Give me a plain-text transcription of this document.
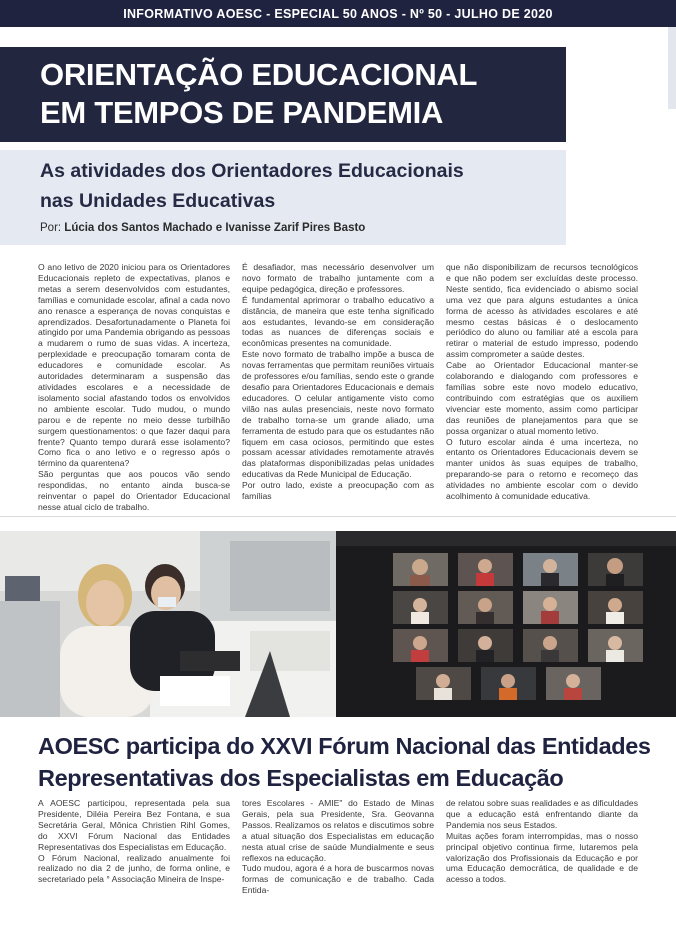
INFORMATIVO AOESC - ESPECIAL 50 ANOS - Nº 50 - JULHO DE 2020
ORIENTAÇÃO EDUCACIONAL
EM TEMPOS DE PANDEMIA
As atividades dos Orientadores Educacionais
nas Unidades Educativas
Por: Lúcia dos Santos Machado e Ivanisse Zarif Pires Basto

O ano letivo de 2020 iniciou para os Orientadores Educacionais repleto de expectativas, planos e metas a serem desenvolvidos com estudantes, famílias e comunidade escolar, afinal a cada novo ano renasce a esperança de novas conquistas e aprendizados. Desafortunadamente o Planeta foi atingido por uma Pandemia obrigando as pessoas a mudarem o rumo de suas vidas. A incerteza, perplexidade e preocupação tomaram conta de educadores e comunidade escolar. As autoridades determinaram a suspensão das atividades escolares e a necessidade de isolamento social afastando todos os envolvidos no ambiente escolar. Tudo mudou, o mundo parou e de repente no meio desse turbilhão surgem questionamentos: o que fazer daqui para frente? Quanto tempo durará esse isolamento? Como fica o ano letivo e o regresso após o término da quarentena?

São perguntas que aos poucos vão sendo respondidas, no entanto ainda busca-se reinventar o papel do Orientador Educacional nesse atual ciclo de trabalho.

É desafiador, mas necessário desenvolver um novo formato de trabalho juntamente com a equipe pedagógica, direção e professores.

É fundamental aprimorar o trabalho educativo a distância, de maneira que este tenha significado aos estudantes, levando-se em consideração todas as nuances de diferenças sociais e econômicas presentes na comunidade.

Este novo formato de trabalho impõe a busca de novas ferramentas que permitam reuniões virtuais de professores e/ou famílias, sendo este o grande desafio para Orientadores Educacionais e demais educadores. O celular antigamente visto como vilão nas aulas presenciais, neste novo formato de trabalho torna-se um grande aliado, uma ferramenta de estudo para que os estudantes não fiquem em casa ociosos, permitindo que estes possam acessar atividades remotamente através das plataformas disponibilizadas pelas unidades educativas da Rede Municipal de Educação.

Por outro lado, existe a preocupação com as famílias

que não disponibilizam de recursos tecnológicos e que não podem ser excluídas deste processo. Neste sentido, fica evidenciado o abismo social uma vez que para alguns estudantes a única forma de acesso às atividades escolares e até mesmo cestas básicas é o deslocamento periódico do aluno ou familiar até a escola para retirar o material de estudo impresso, podendo assim comprometer a saúde destes.

Cabe ao Orientador Educacional manter-se colaborando e dialogando com professores e famílias sobre este novo modelo educativo, contribuindo com estratégias que os auxiliem vivenciar este momento, assim como participar das reuniões de planejamentos para que se possa organizar o atual momento letivo.

O futuro escolar ainda é uma incerteza, no entanto os Orientadores Educacionais devem se manter unidos às suas equipes de trabalho, preparando-se para o retorno e recomeço das atividades no ambiente escolar com o devido acolhimento à comunidade educativa.

AOESC participa do XXVI Fórum Nacional das Entidades
Representativas dos Especialistas em Educação

A AOESC participou, representada pela sua Presidente, Diléia Pereira Bez Fontana, e sua Secretária Geral, Mônica Christien Rihl Gomes, do XXVI Fórum Nacional das Entidades Representativas dos Especialistas em Educação.

O Fórum Nacional, realizado anualmente foi realizado no dia 2 de junho, de forma online, e secretariado pela ° Associação Mineira de Inspe-

tores Escolares - AMIE" do Estado de Minas Gerais, pela sua Presidente, Sra. Geovanna Passos. Realizamos os relatos e discutimos sobre a atual situação dos Especialistas em educação nesta atual crise de saúde Mundialmente e seus reflexos na educação.

Tudo mudou, agora é a hora de buscarmos novas formas de comunicação e de trabalho. Cada Entida-

de relatou sobre suas realidades e as dificuldades que a educação está enfrentando diante da Pandemia nos seus Estados.

Muitas ações foram interrompidas, mas o nosso principal objetivo continua firme, lutaremos pela valorização dos Profissionais da Educação e por uma Educação democrática, de qualidade e de acesso a todos.
